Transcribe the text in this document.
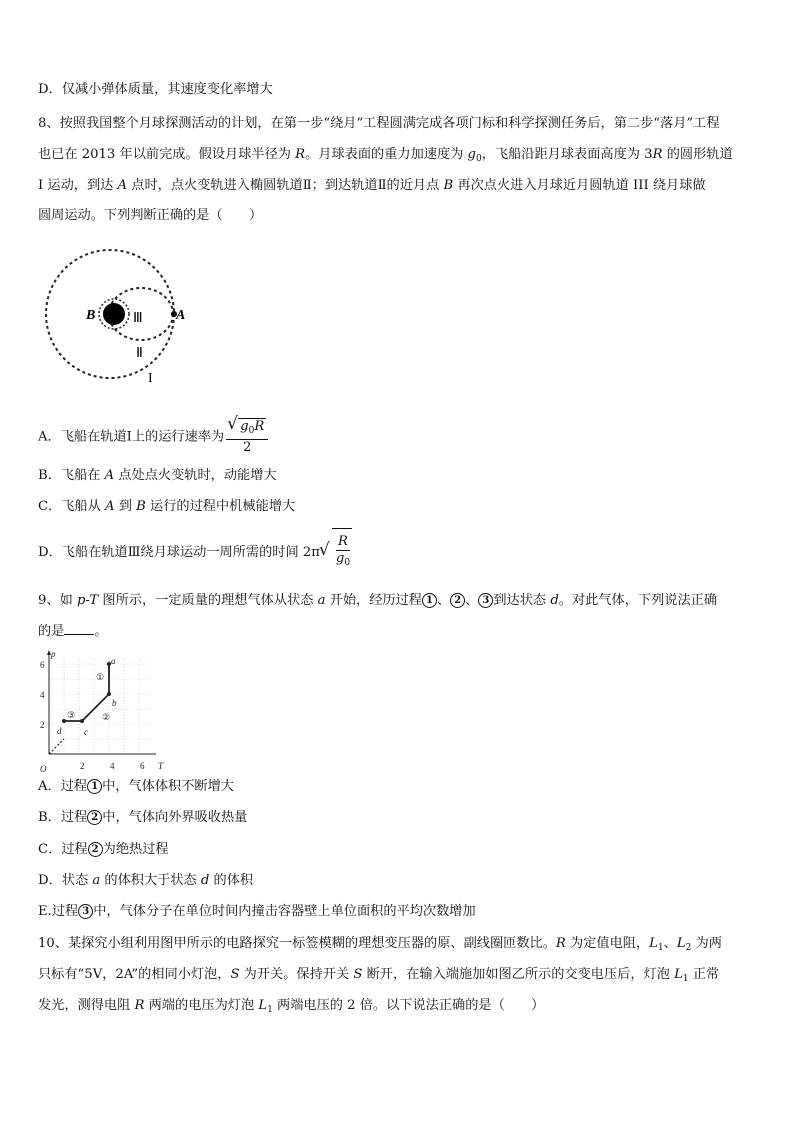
D．仅减小弹体质量，其速度变化率增大
8、按照我国整个月球探测活动的计划，在第一步“绕月”工程圆满完成各项门标和科学探测任务后，第二步“落月”工程
也已在 2013 年以前完成。假设月球半径为 R。月球表面的重力加速度为 $g_0$，飞船沿距月球表面高度为 3R 的圆形轨道
I 运动，到达 A 点时，点火变轨进入椭圆轨道Ⅱ；到达轨道Ⅱ的近月点 B 再次点火进入月球近月圆轨道 III 绕月球做
圆周运动。下列判断正确的是（　　）
A
B	Ⅲ
Ⅱ
I
A．飞船在轨道Ⅰ上的运行速率为 √ $\frac{g_0R}{2}$
B．飞船在 A 点处点火变轨时，动能增大
C．飞船从 A 到 B 运行的过程中机械能增大
D．飞船在轨道Ⅲ绕月球运动一周所需的时间 2π √ $\frac{R}{g_0}$
9、如 p-T 图所示，一定质量的理想气体从状态 a 开始，经历过程 1 、 2 、 3 到达状态 d。对此气体，下列说法正确
的是 。
p
T
O
6
4
2
2	4	6
a
b
c
d
①
②
③
A．过程 1 中，气体体积不断增大
B．过程 2 中，气体向外界吸收热量
C．过程 2 为绝热过程
D．状态 a 的体积大于状态 d 的体积
E.过程 3 中，气体分子在单位时间内撞击容器壁上单位面积的平均次数增加
10、某探究小组利用图甲所示的电路探究一标签模糊的理想变压器的原、副线圈匝数比。R 为定值电阻，$L_1$、$L_2$ 为两
只标有“5V，2A”的相同小灯泡，S 为开关。保持开关 S 断开，在输入端施加如图乙所示的交变电压后，灯泡 $L_1$ 正常
发光，测得电阻 R 两端的电压为灯泡 $L_1$ 两端电压的 2 倍。以下说法正确的是（　　）
